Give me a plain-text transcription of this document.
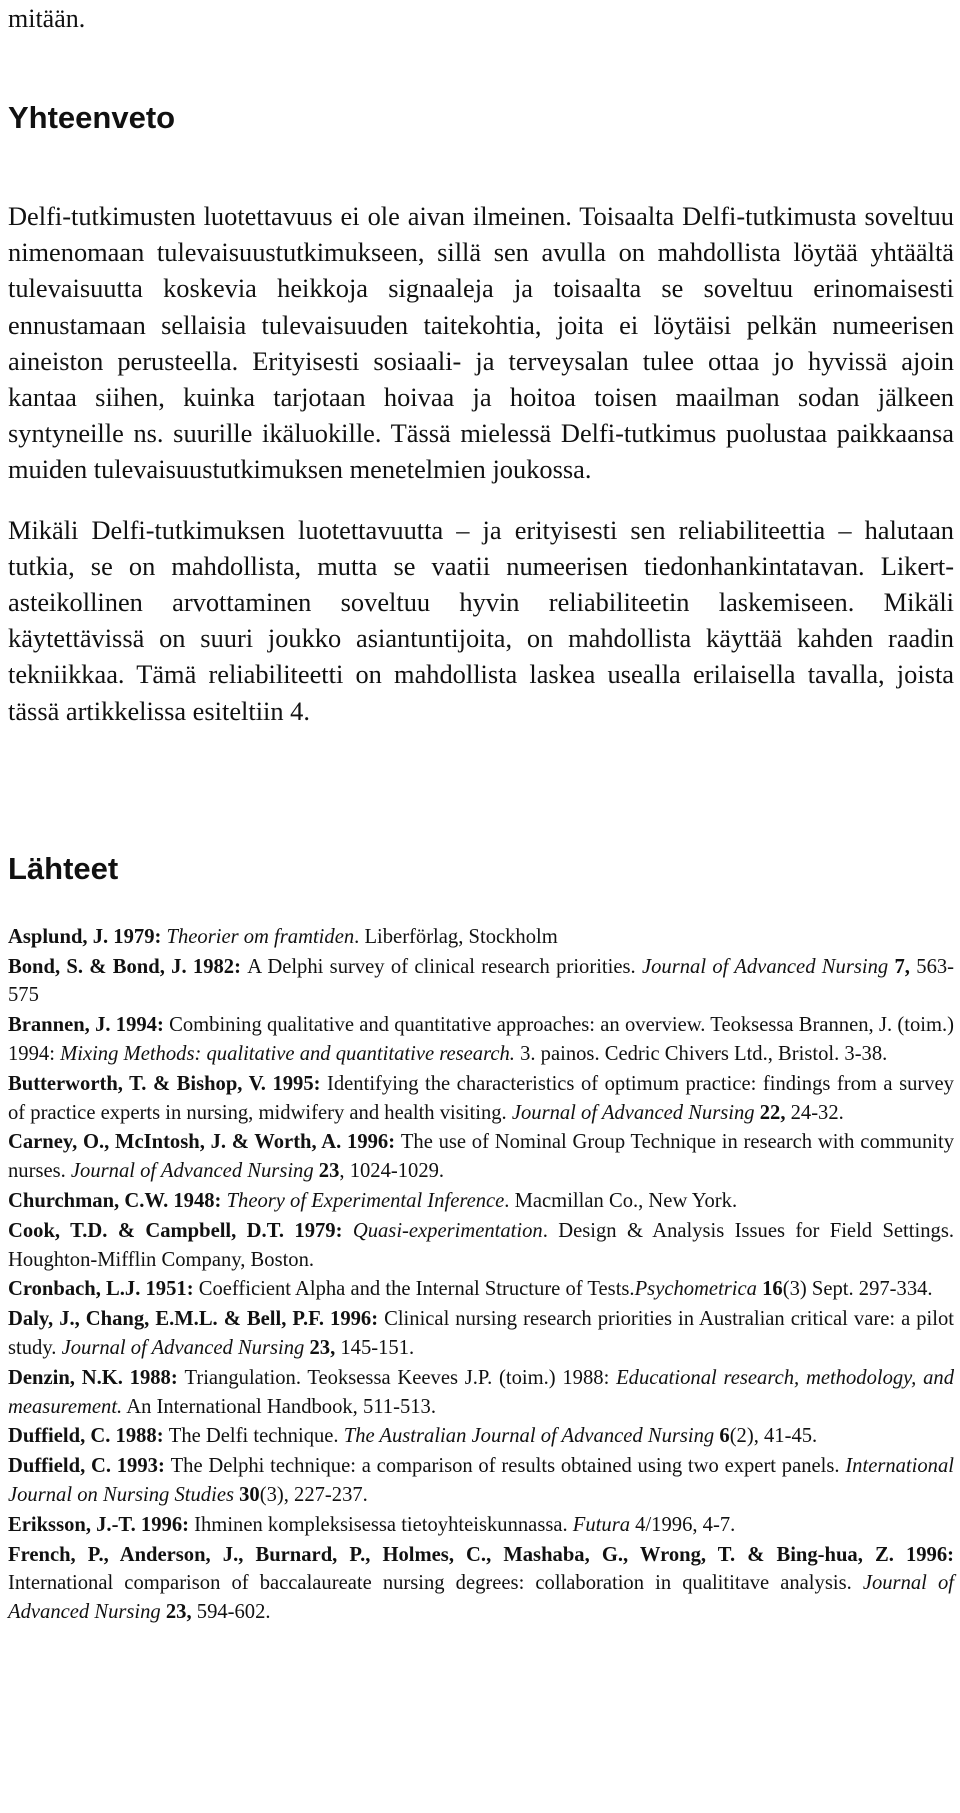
mitään.

Yhteenveto

Delfi-tutkimusten luotettavuus ei ole aivan ilmeinen. Toisaalta Delfi-tutkimusta soveltuu nimenomaan tulevaisuustutkimukseen, sillä sen avulla on mahdollista löytää yhtäältä tulevaisuutta koskevia heikkoja signaaleja ja toisaalta se soveltuu erinomaisesti ennustamaan sellaisia tulevaisuuden taitekohtia, joita ei löytäisi pelkän numeerisen aineiston perusteella. Erityisesti sosiaali- ja terveysalan tulee ottaa jo hyvissä ajoin kantaa siihen, kuinka tarjotaan hoivaa ja hoitoa toisen maailman sodan jälkeen syntyneille ns. suurille ikäluokille. Tässä mielessä Delfi-tutkimus puolustaa paikkaansa muiden tulevaisuustutkimuksen menetelmien joukossa.

Mikäli Delfi-tutkimuksen luotettavuutta – ja erityisesti sen reliabiliteettia – halutaan tutkia, se on mahdollista, mutta se vaatii numeerisen tiedonhankintatavan. Likert-asteikollinen arvottaminen soveltuu hyvin reliabiliteetin laskemiseen. Mikäli käytettävissä on suuri joukko asiantuntijoita, on mahdollista käyttää kahden raadin tekniikkaa. Tämä reliabiliteetti on mahdollista laskea usealla erilaisella tavalla, joista tässä artikkelissa esiteltiin 4.

Lähteet

Asplund, J. 1979: Theorier om framtiden. Liberförlag, Stockholm

Bond, S. & Bond, J. 1982: A Delphi survey of clinical research priorities. Journal of Advanced Nursing 7, 563-575

Brannen, J. 1994: Combining qualitative and quantitative approaches: an overview. Teoksessa Brannen, J. (toim.) 1994: Mixing Methods: qualitative and quantitative research. 3. painos. Cedric Chivers Ltd., Bristol. 3-38.

Butterworth, T. & Bishop, V. 1995: Identifying the characteristics of optimum practice: findings from a survey of practice experts in nursing, midwifery and health visiting. Journal of Advanced Nursing 22, 24-32.

Carney, O., McIntosh, J. & Worth, A. 1996: The use of Nominal Group Technique in research with community nurses. Journal of Advanced Nursing 23, 1024-1029.

Churchman, C.W. 1948: Theory of Experimental Inference. Macmillan Co., New York.

Cook, T.D. & Campbell, D.T. 1979: Quasi-experimentation. Design & Analysis Issues for Field Settings. Houghton-Mifflin Company, Boston.

Cronbach, L.J. 1951: Coefficient Alpha and the Internal Structure of Tests.Psychometrica 16(3) Sept. 297-334.

Daly, J., Chang, E.M.L. & Bell, P.F. 1996: Clinical nursing research priorities in Australian critical vare: a pilot study. Journal of Advanced Nursing 23, 145-151.

Denzin, N.K. 1988: Triangulation. Teoksessa Keeves J.P. (toim.) 1988: Educational research, methodology, and measurement. An International Handbook, 511-513.

Duffield, C. 1988: The Delfi technique. The Australian Journal of Advanced Nursing 6(2), 41-45.

Duffield, C. 1993: The Delphi technique: a comparison of results obtained using two expert panels. International Journal on Nursing Studies 30(3), 227-237.

Eriksson, J.-T. 1996: Ihminen kompleksisessa tietoyhteiskunnassa. Futura 4/1996, 4-7.

French, P., Anderson, J., Burnard, P., Holmes, C., Mashaba, G., Wrong, T. & Bing-hua, Z. 1996: International comparison of baccalaureate nursing degrees: collaboration in qualititave analysis. Journal of Advanced Nursing 23, 594-602.
